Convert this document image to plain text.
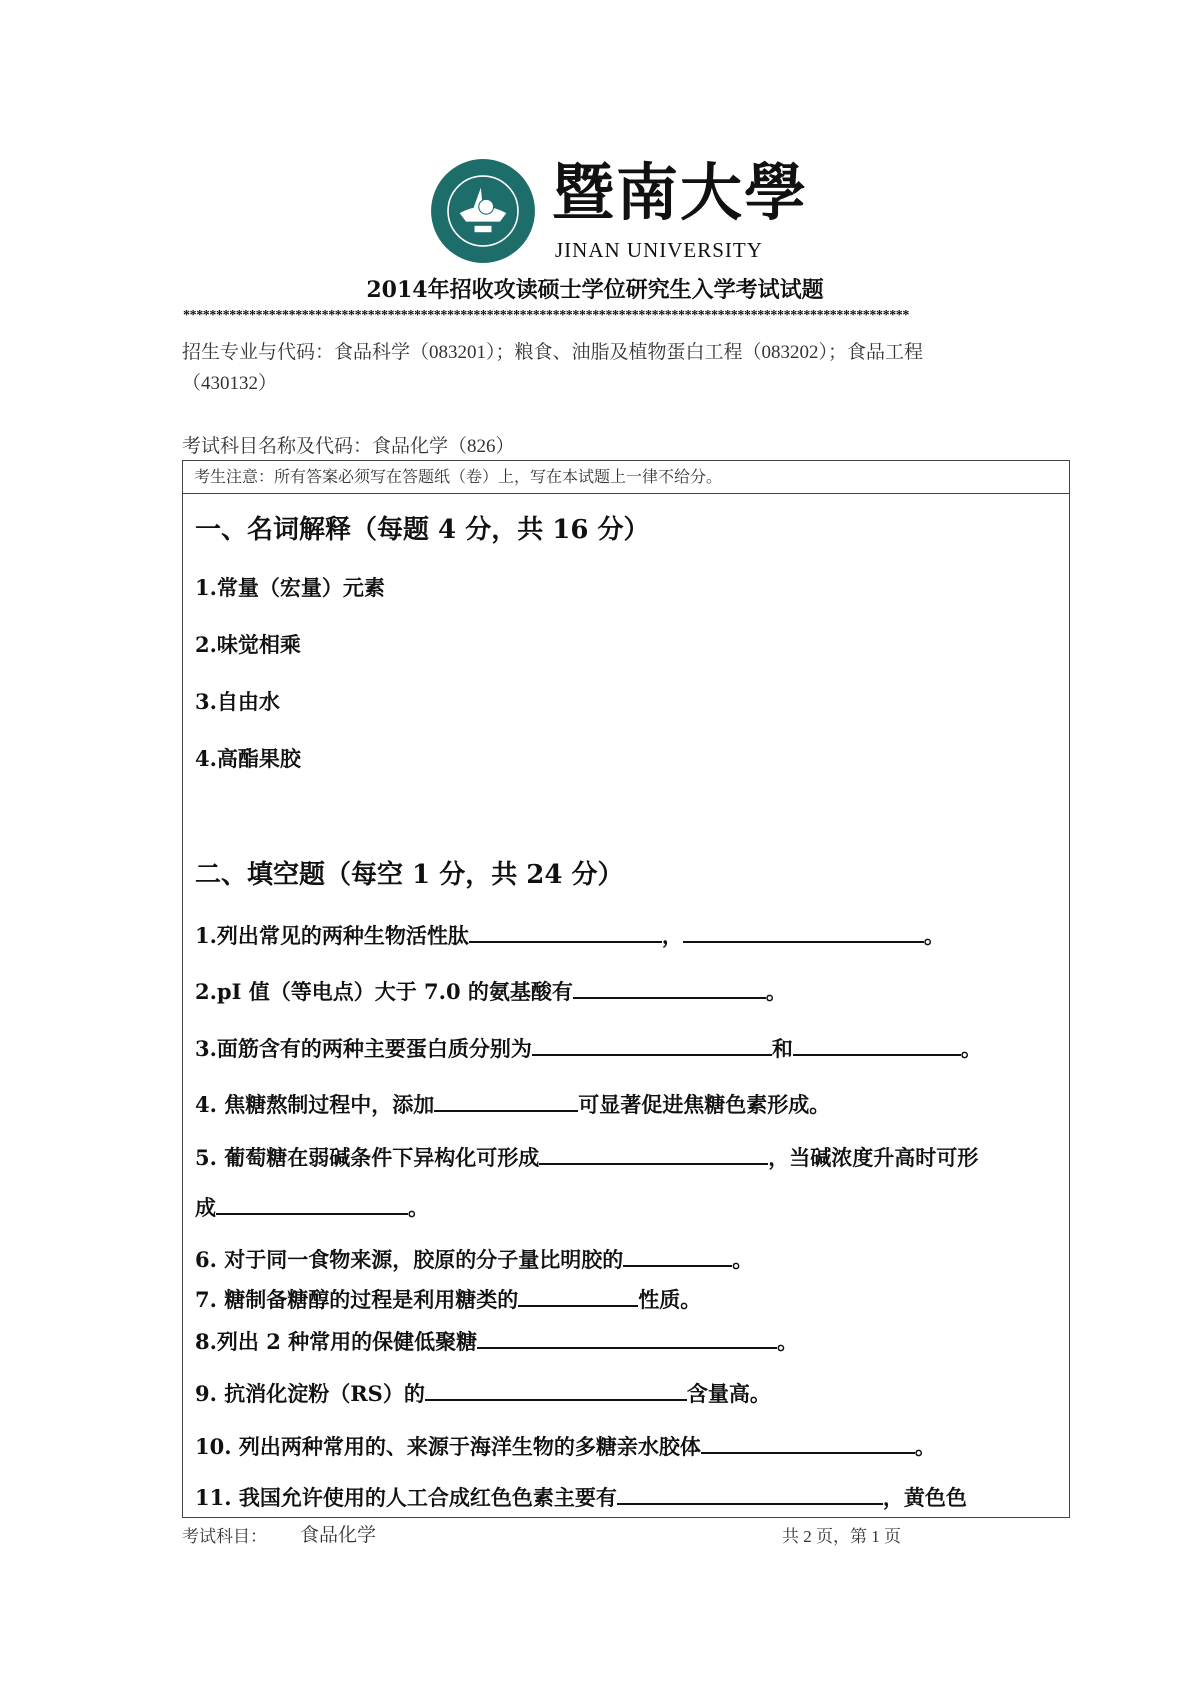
暨南大學
JINAN UNIVERSITY
2014年招收攻读硕士学位研究生入学考试试题
**************************************************************************************************************
招生专业与代码：食品科学（083201）；粮食、油脂及植物蛋白工程（083202）；食品工程
（430132）
考试科目名称及代码：食品化学（826）
考生注意：所有答案必须写在答题纸（卷）上，写在本试题上一律不给分。
一、名词解释（每题 4 分，共 16 分）
1.常量（宏量）元素
2.味觉相乘
3.自由水
4.高酯果胶
二、填空题（每空 1 分，共 24 分）
1.列出常见的两种生物活性肽	，	。
2.pI 值（等电点）大于 7.0 的氨基酸有	。
3.面筋含有的两种主要蛋白质分别为	和	。
4. 焦糖熬制过程中，添加	可显著促进焦糖色素形成。
5. 葡萄糖在弱碱条件下异构化可形成	，当碱浓度升高时可形
成	。
6. 对于同一食物来源，胶原的分子量比明胶的	。
7. 糖制备糖醇的过程是利用糖类的	性质。
8.列出 2 种常用的保健低聚糖	。
9. 抗消化淀粉（RS）的	含量高。
10. 列出两种常用的、来源于海洋生物的多糖亲水胶体	。
11. 我国允许使用的人工合成红色色素主要有	，黄色色
考试科目： 食品化学	共 2 页，第 1 页
